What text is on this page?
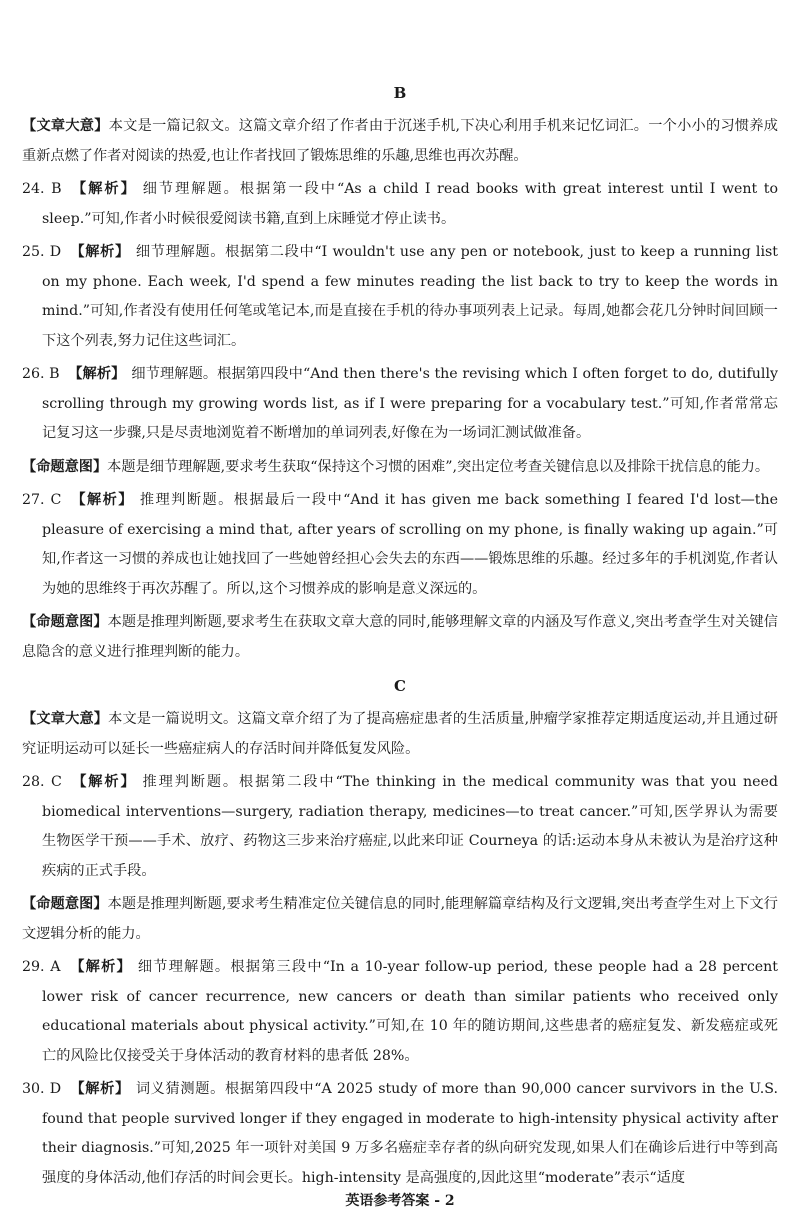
B

【文章大意】本文是一篇记叙文。这篇文章介绍了作者由于沉迷手机,下决心利用手机来记忆词汇。一个小小的习惯养成重新点燃了作者对阅读的热爱,也让作者找回了锻炼思维的乐趣,思维也再次苏醒。

24. B 【解析】 细节理解题。根据第一段中“As a child I read books with great interest until I went to sleep.”可知,作者小时候很爱阅读书籍,直到上床睡觉才停止读书。

25. D 【解析】 细节理解题。根据第二段中“I wouldn't use any pen or notebook, just to keep a running list on my phone. Each week, I'd spend a few minutes reading the list back to try to keep the words in mind.”可知,作者没有使用任何笔或笔记本,而是直接在手机的待办事项列表上记录。每周,她都会花几分钟时间回顾一下这个列表,努力记住这些词汇。

26. B 【解析】 细节理解题。根据第四段中“And then there's the revising which I often forget to do, dutifully scrolling through my growing words list, as if I were preparing for a vocabulary test.”可知,作者常常忘记复习这一步骤,只是尽责地浏览着不断增加的单词列表,好像在为一场词汇测试做准备。

【命题意图】本题是细节理解题,要求考生获取“保持这个习惯的困难”,突出定位考查关键信息以及排除干扰信息的能力。

27. C 【解析】 推理判断题。根据最后一段中“And it has given me back something I feared I'd lost—the pleasure of exercising a mind that, after years of scrolling on my phone, is finally waking up again.”可知,作者这一习惯的养成也让她找回了一些她曾经担心会失去的东西——锻炼思维的乐趣。经过多年的手机浏览,作者认为她的思维终于再次苏醒了。所以,这个习惯养成的影响是意义深远的。

【命题意图】本题是推理判断题,要求考生在获取文章大意的同时,能够理解文章的内涵及写作意义,突出考查学生对关键信息隐含的意义进行推理判断的能力。

C

【文章大意】本文是一篇说明文。这篇文章介绍了为了提高癌症患者的生活质量,肿瘤学家推荐定期适度运动,并且通过研究证明运动可以延长一些癌症病人的存活时间并降低复发风险。

28. C 【解析】 推理判断题。根据第二段中“The thinking in the medical community was that you need biomedical interventions—surgery, radiation therapy, medicines—to treat cancer.”可知,医学界认为需要生物医学干预——手术、放疗、药物这三步来治疗癌症,以此来印证 Courneya 的话:运动本身从未被认为是治疗这种疾病的正式手段。

【命题意图】本题是推理判断题,要求考生精准定位关键信息的同时,能理解篇章结构及行文逻辑,突出考查学生对上下文行文逻辑分析的能力。

29. A 【解析】 细节理解题。根据第三段中“In a 10-year follow-up period, these people had a 28 percent lower risk of cancer recurrence, new cancers or death than similar patients who received only educational materials about physical activity.”可知,在 10 年的随访期间,这些患者的癌症复发、新发癌症或死亡的风险比仅接受关于身体活动的教育材料的患者低 28%。

30. D 【解析】 词义猜测题。根据第四段中“A 2025 study of more than 90,000 cancer survivors in the U.S. found that people survived longer if they engaged in moderate to high-intensity physical activity after their diagnosis.”可知,2025 年一项针对美国 9 万多名癌症幸存者的纵向研究发现,如果人们在确诊后进行中等到高强度的身体活动,他们存活的时间会更长。high-intensity 是高强度的,因此这里“moderate”表示“适度

英语参考答案 - 2
